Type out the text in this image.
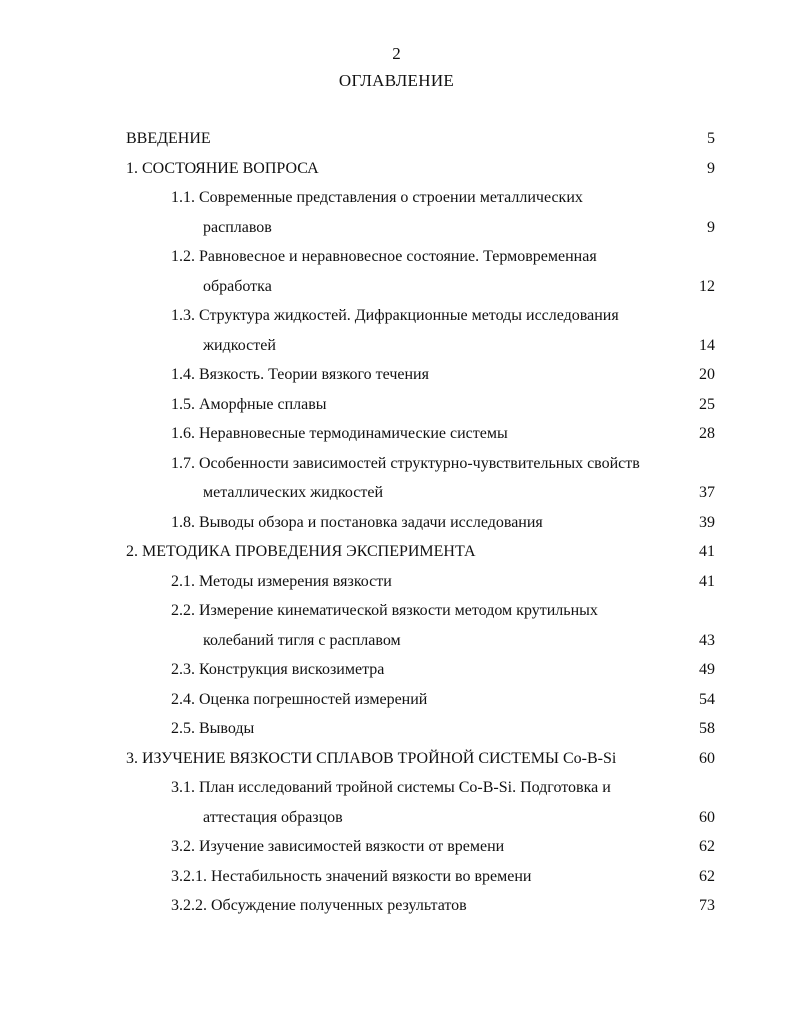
2
ОГЛАВЛЕНИЕ
ВВЕДЕНИЕ	5
1. СОСТОЯНИЕ ВОПРОСА	9
1.1. Современные представления о строении металлических
расплавов	9
1.2. Равновесное и неравновесное состояние. Термовременная
обработка	12
1.3. Структура жидкостей. Дифракционные методы исследования
жидкостей	14
1.4. Вязкость. Теории вязкого течения	20
1.5. Аморфные сплавы	25
1.6. Неравновесные термодинамические системы	28
1.7. Особенности зависимостей структурно-чувствительных свойств
металлических жидкостей	37
1.8. Выводы обзора и постановка задачи исследования	39
2. МЕТОДИКА ПРОВЕДЕНИЯ ЭКСПЕРИМЕНТА	41
2.1. Методы измерения вязкости	41
2.2. Измерение кинематической вязкости методом крутильных
колебаний тигля с расплавом	43
2.3. Конструкция вискозиметра	49
2.4. Оценка погрешностей измерений	54
2.5. Выводы	58
3. ИЗУЧЕНИЕ ВЯЗКОСТИ СПЛАВОВ ТРОЙНОЙ СИСТЕМЫ Co-B-Si	60
3.1. План исследований тройной системы Co-B-Si. Подготовка и
аттестация образцов	60
3.2. Изучение зависимостей вязкости от времени	62
3.2.1. Нестабильность значений вязкости во времени	62
3.2.2. Обсуждение полученных результатов	73
